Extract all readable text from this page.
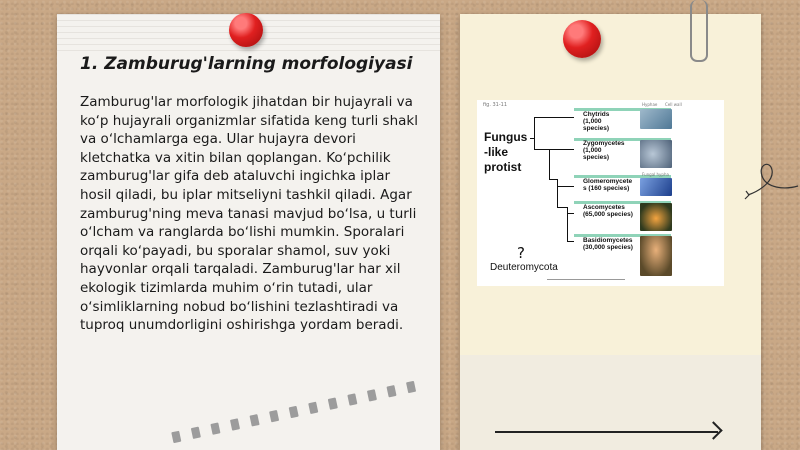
1. Zamburug'larning morfologiyasi

Zamburug'lar morfologik jihatdan bir hujayrali va ko‘p hujayrali organizmlar sifatida keng turli shakl va oʻlchamlarga ega. Ular hujayra devori kletchatka va xitin bilan qoplangan. Koʻpchilik zamburug'lar gifa deb ataluvchi ingichka iplar hosil qiladi, bu iplar mitseliyni tashkil qiladi. Agar zamburug'ning meva tanasi mavjud boʻlsa, u turli oʻlcham va ranglarda boʻlishi mumkin. Sporalari orqali koʻpayadi, bu sporalar shamol, suv yoki hayvonlar orqali tarqaladi. Zamburug'lar har xil ekologik tizimlarda muhim oʻrin tutadi, ular oʻsimliklarning nobud boʻlishini tezlashtiradi va tuproq unumdorligini oshirishga yordam beradi.

fig. 31-11	Hyphae Cell wall
Fungus
-like
protist
Chytrids
(1,000
species)
Zygomycetes
(1,000
species)
Glomeromycete
s (160 species)
Ascomycetes
(65,000 species)
Basidiomycetes
(30,000 species)
Fungal hypha
?
Deuteromycota
